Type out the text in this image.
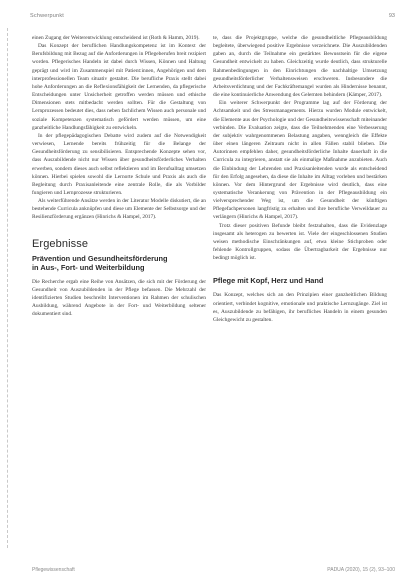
Schwerpunkt	93

einen Zugang der Weiterentwicklung entscheidend ist (Roth & Hamm, 2019).

Das Konzept der beruflichen Handlungskompetenz ist im Kontext der Berufsbildung mit Bezug auf die Anforderungen in Pflegeberufen breit rezipiert worden. Pflegerisches Handeln ist dabei durch Wissen, Können und Haltung geprägt und wird im Zusammenspiel mit Patient:innen, Angehörigen und dem interprofessionellen Team situativ gestaltet. Die berufliche Praxis stellt dabei hohe Anforderungen an die Reflexionsfähigkeit der Lernenden, da pflegerische Entscheidungen unter Unsicherheit getroffen werden müssen und ethische Dimensionen stets mitbedacht werden sollten. Für die Gestaltung von Lernprozessen bedeutet dies, dass neben fachlichem Wissen auch personale und soziale Kompetenzen systematisch gefördert werden müssen, um eine ganzheitliche Handlungsfähigkeit zu entwickeln.

In der pflegepädagogischen Debatte wird zudem auf die Notwendigkeit verwiesen, Lernende bereits frühzeitig für die Belange der Gesundheitsförderung zu sensibilisieren. Entsprechende Konzepte sehen vor, dass Auszubildende nicht nur Wissen über gesundheitsförderliches Verhalten erwerben, sondern dieses auch selbst reflektieren und im Berufsalltag umsetzen können. Hierbei spielen sowohl die Lernorte Schule und Praxis als auch die Begleitung durch Praxisanleitende eine zentrale Rolle, die als Vorbilder fungieren und Lernprozesse strukturieren.

Als weiterführende Ansätze werden in der Literatur Modelle diskutiert, die an bestehende Curricula anknüpfen und diese um Elemente der Selbstsorge und der Resilienzförderung ergänzen (Hinrichs & Hampel, 2017).

Ergebnisse
Prävention und Gesundheitsförderung
in Aus-, Fort- und Weiterbildung

Die Recherche ergab eine Reihe von Ansätzen, die sich mit der Förderung der Gesundheit von Auszubildenden in der Pflege befassen. Die Mehrzahl der identifizierten Studien beschreibt Interventionen im Rahmen der schulischen Ausbildung, während Angebote in der Fort- und Weiterbildung seltener dokumentiert sind.

te, dass die Projektgruppe, welche die gesundheitliche Pflegeausbildung begleitete, überwiegend positive Ergebnisse verzeichnete. Die Auszubildenden gaben an, durch die Teilnahme ein gestärktes Bewusstsein für die eigene Gesundheit entwickelt zu haben. Gleichzeitig wurde deutlich, dass strukturelle Rahmenbedingungen in den Einrichtungen die nachhaltige Umsetzung gesundheitsförderlicher Verhaltensweisen erschweren. Insbesondere die Arbeitsverdichtung und der Fachkräftemangel wurden als Hindernisse benannt, die eine kontinuierliche Anwendung des Gelernten behindern (Kämper, 2017).

Ein weiterer Schwerpunkt der Programme lag auf der Förderung der Achtsamkeit und des Stressmanagements. Hierzu wurden Module entwickelt, die Elemente aus der Psychologie und der Gesundheitswissenschaft miteinander verbinden. Die Evaluation zeigte, dass die Teilnehmenden eine Verbesserung der subjektiv wahrgenommenen Belastung angaben, wenngleich die Effekte über einen längeren Zeitraum nicht in allen Fällen stabil blieben. Die Autorinnen empfehlen daher, gesundheitsförderliche Inhalte dauerhaft in die Curricula zu integrieren, anstatt sie als einmalige Maßnahme anzubieten. Auch die Einbindung der Lehrenden und Praxisanleitenden wurde als entscheidend für den Erfolg angesehen, da diese die Inhalte im Alltag vorleben und bestärken können. Vor dem Hintergrund der Ergebnisse wird deutlich, dass eine systematische Verankerung von Prävention in der Pflegeausbildung ein vielversprechender Weg ist, um die Gesundheit der künftigen Pflegefachpersonen langfristig zu erhalten und ihre berufliche Verweildauer zu verlängern (Hinrichs & Hampel, 2017).

Trotz dieser positiven Befunde bleibt festzuhalten, dass die Evidenzlage insgesamt als heterogen zu bewerten ist. Viele der eingeschlossenen Studien weisen methodische Einschränkungen auf, etwa kleine Stichproben oder fehlende Kontrollgruppen, sodass die Übertragbarkeit der Ergebnisse nur bedingt möglich ist.

Pflege mit Kopf, Herz und Hand

Das Konzept, welches sich an den Prinzipien einer ganzheitlichen Bildung orientiert, verbindet kognitive, emotionale und praktische Lernzugänge. Ziel ist es, Auszubildende zu befähigen, ihr berufliches Handeln in einem gesunden Gleichgewicht zu gestalten.

Pflegewissenschaft	PADUA (2020), 15 (2), 93–100
